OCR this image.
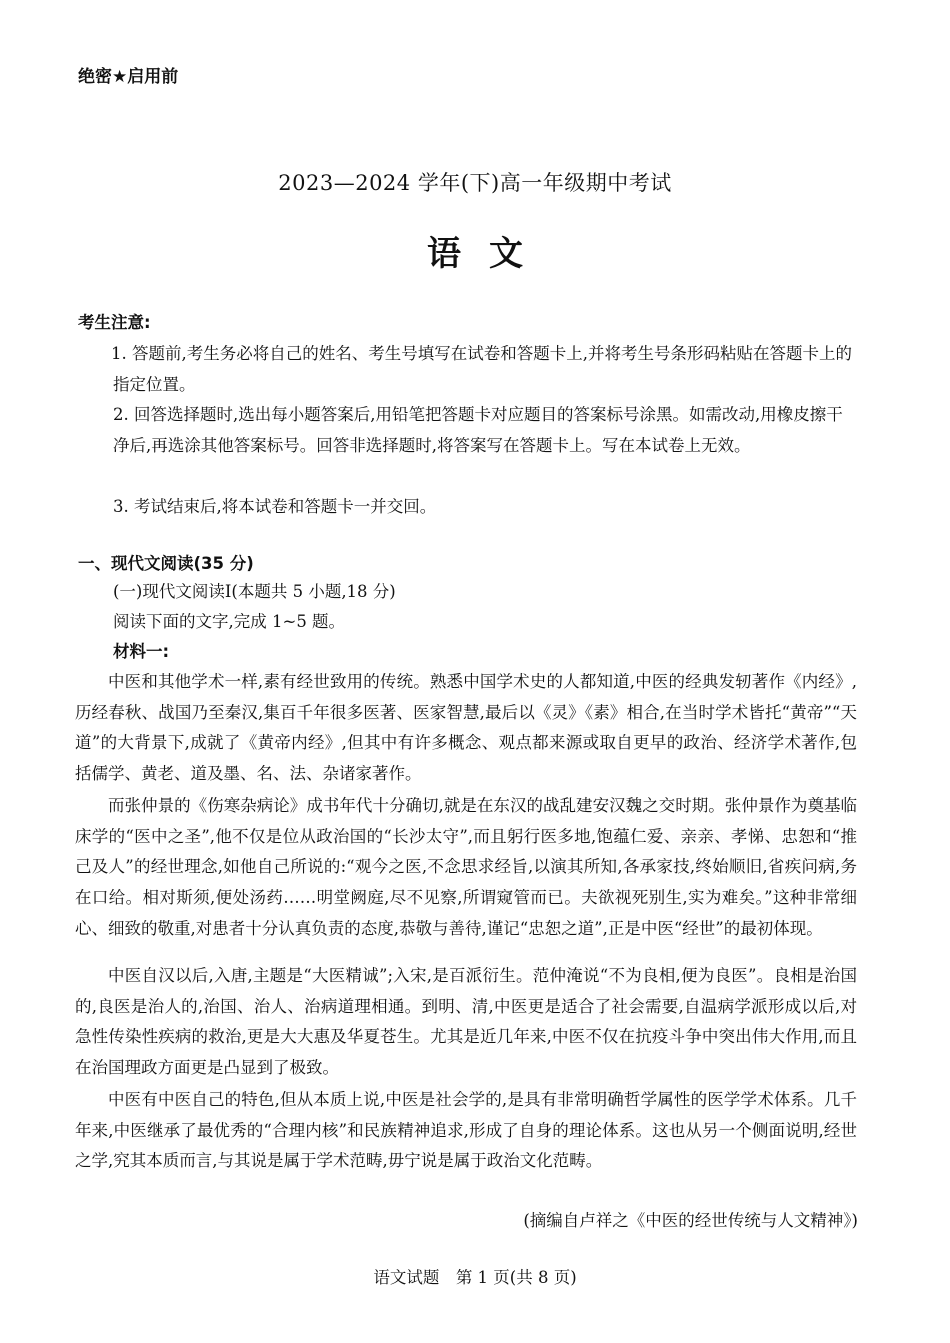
绝密★启用前
2023—2024 学年(下)高一年级期中考试
语文
考生注意:
1. 答题前,考生务必将自己的姓名、考生号填写在试卷和答题卡上,并将考生号条形码粘贴在答题卡上的指定位置。
2. 回答选择题时,选出每小题答案后,用铅笔把答题卡对应题目的答案标号涂黑。如需改动,用橡皮擦干净后,再选涂其他答案标号。回答非选择题时,将答案写在答题卡上。写在本试卷上无效。
3. 考试结束后,将本试卷和答题卡一并交回。
一、现代文阅读(35 分)
(一)现代文阅读Ⅰ(本题共 5 小题,18 分)
阅读下面的文字,完成 1~5 题。
材料一:
中医和其他学术一样,素有经世致用的传统。熟悉中国学术史的人都知道,中医的经典发轫著作《内经》,历经春秋、战国乃至秦汉,集百千年很多医著、医家智慧,最后以《灵》《素》相合,在当时学术皆托“黄帝”“天道”的大背景下,成就了《黄帝内经》,但其中有许多概念、观点都来源或取自更早的政治、经济学术著作,包括儒学、黄老、道及墨、名、法、杂诸家著作。
而张仲景的《伤寒杂病论》成书年代十分确切,就是在东汉的战乱建安汉魏之交时期。张仲景作为奠基临床学的“医中之圣”,他不仅是位从政治国的“长沙太守”,而且躬行医多地,饱蕴仁爱、亲亲、孝悌、忠恕和“推己及人”的经世理念,如他自己所说的:“观今之医,不念思求经旨,以演其所知,各承家技,终始顺旧,省疾问病,务在口给。相对斯须,便处汤药……明堂阙庭,尽不见察,所谓窥管而已。夫欲视死别生,实为难矣。”这种非常细心、细致的敬重,对患者十分认真负责的态度,恭敬与善待,谨记“忠恕之道”,正是中医“经世”的最初体现。
中医自汉以后,入唐,主题是“大医精诚”;入宋,是百派衍生。范仲淹说“不为良相,便为良医”。良相是治国的,良医是治人的,治国、治人、治病道理相通。到明、清,中医更是适合了社会需要,自温病学派形成以后,对急性传染性疾病的救治,更是大大惠及华夏苍生。尤其是近几年来,中医不仅在抗疫斗争中突出伟大作用,而且在治国理政方面更是凸显到了极致。
中医有中医自己的特色,但从本质上说,中医是社会学的,是具有非常明确哲学属性的医学学术体系。几千年来,中医继承了最优秀的“合理内核”和民族精神追求,形成了自身的理论体系。这也从另一个侧面说明,经世之学,究其本质而言,与其说是属于学术范畴,毋宁说是属于政治文化范畴。
(摘编自卢祥之《中医的经世传统与人文精神》)
语文试题　第 1 页(共 8 页)
